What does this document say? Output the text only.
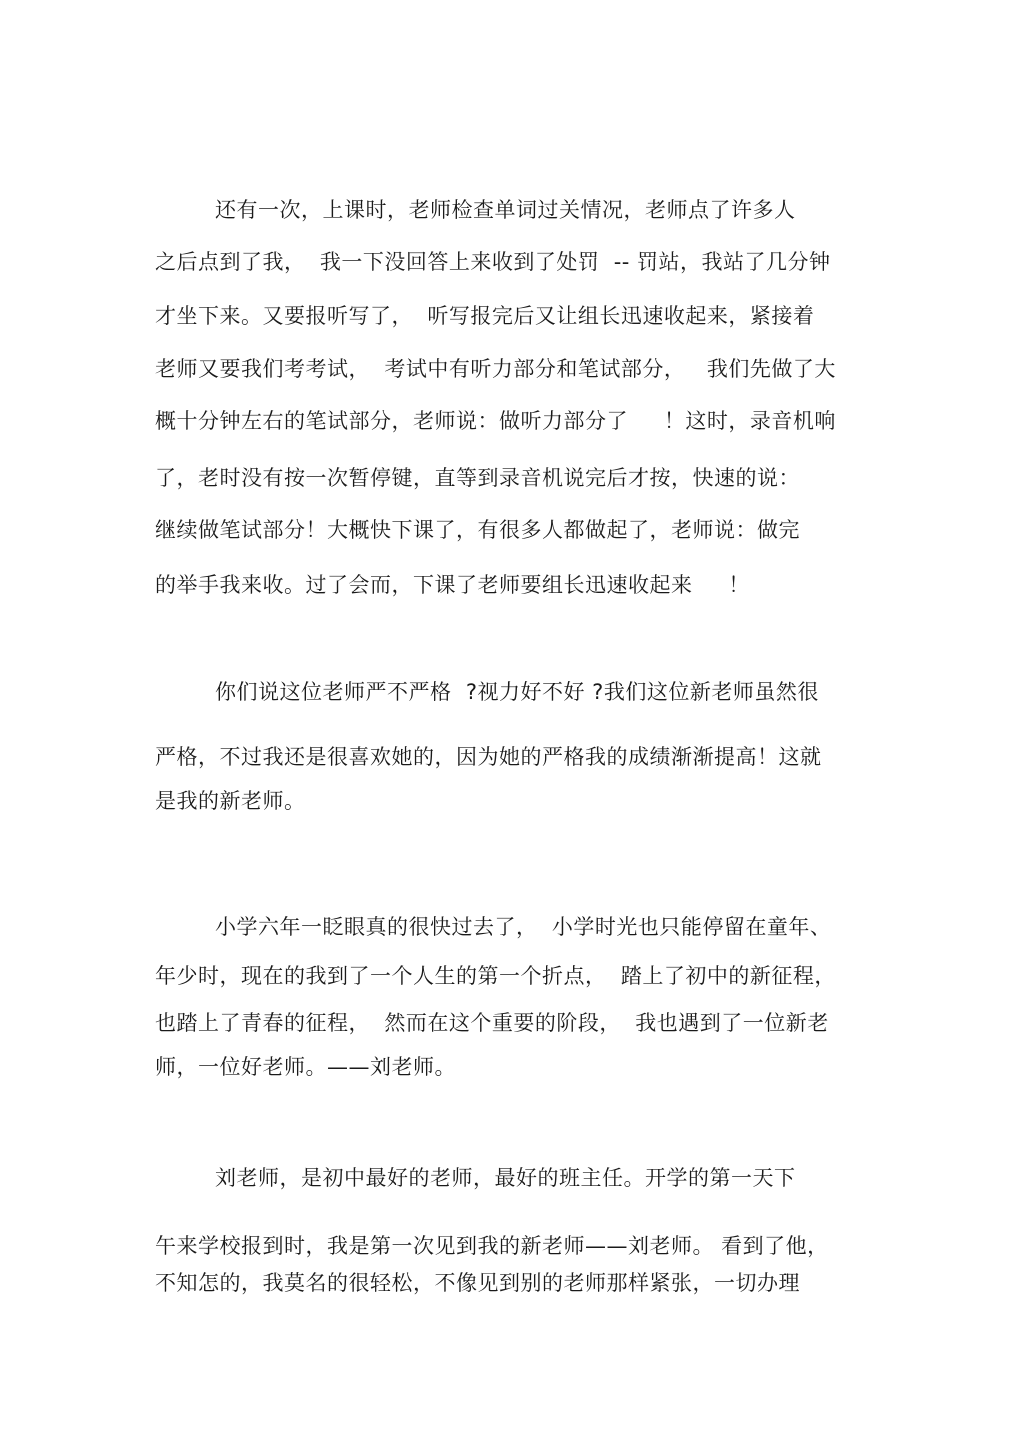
还有一次，上课时，老师检查单词过关情况，老师点了许多人
之后点到了我，  我一下没回答上来收到了处罚  -- 罚站，我站了几分钟
才坐下来。又要报听写了，  听写报完后又让组长迅速收起来，紧接着
老师又要我们考考试，  考试中有听力部分和笔试部分，   我们先做了大
概十分钟左右的笔试部分，老师说：做听力部分了     ！这时，录音机响
了，老时没有按一次暂停键，直等到录音机说完后才按，快速的说：
继续做笔试部分！大概快下课了，有很多人都做起了，老师说：做完
的举手我来收。过了会而，下课了老师要组长迅速收起来     ！
你们说这位老师严不严格  ?视力好不好 ?我们这位新老师虽然很
严格，不过我还是很喜欢她的，因为她的严格我的成绩渐渐提高！这就
是我的新老师。
小学六年一眨眼真的很快过去了，  小学时光也只能停留在童年、
年少时，现在的我到了一个人生的第一个折点，  踏上了初中的新征程，
也踏上了青春的征程，  然而在这个重要的阶段，  我也遇到了一位新老
师，一位好老师。——刘老师。
刘老师，是初中最好的老师，最好的班主任。开学的第一天下
午来学校报到时，我是第一次见到我的新老师——刘老师。 看到了他，
不知怎的，我莫名的很轻松，不像见到别的老师那样紧张，一切办理
